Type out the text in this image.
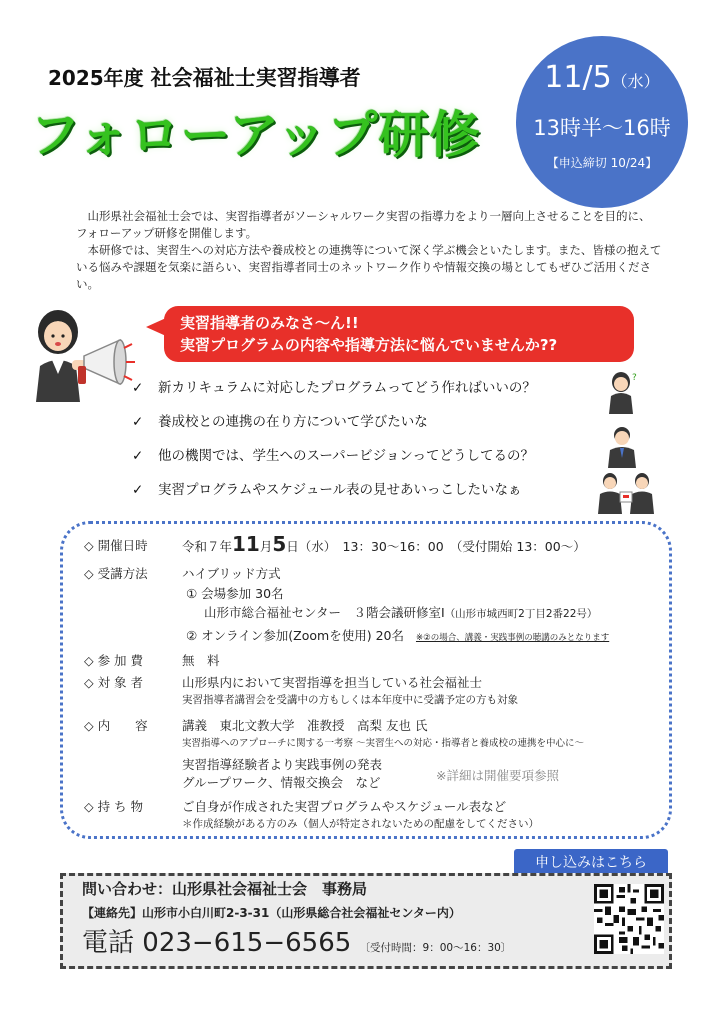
2025年度 社会福祉士実習指導者
フォローアップ研修
11/5（水）
13時半～16時
【申込締切 10/24】

山形県社会福祉士会では、実習指導者がソーシャルワーク実習の指導力をより一層向上させることを目的に、フォローアップ研修を開催します。

本研修では、実習生への対応方法や養成校との連携等について深く学ぶ機会といたします。また、皆様の抱えている悩みや課題を気楽に語らい、実習指導者同士のネットワーク作りや情報交換の場としてもぜひご活用ください。

実習指導者のみなさ～ん!!
実習プログラムの内容や指導方法に悩んでいませんか??
✓ 新カリキュラムに対応したプログラムってどう作ればいいの？
✓ 養成校との連携の在り方について学びたいな
✓ 他の機関では、学生へのスーパービジョンってどうしてるの？
✓ 実習プログラムやスケジュール表の見せあいっこしたいなぁ
?
◇ 開催日時	令和７年11月5日（水）　13：30～16：00　（受付開始 13：00～）
◇ 受講方法	ハイブリッド方式
① 会場参加 30名
山形市総合福祉センター　３階会議研修室Ⅰ（山形市城西町2丁目2番22号）
② オンライン参加(Zoomを使用) 20名 ※②の場合、講義・実践事例の聴講のみとなります
◇ 参 加 費	無　料
◇ 対 象 者	山形県内において実習指導を担当している社会福祉士
実習指導者講習会を受講中の方もしくは本年度中に受講予定の方も対象
◇ 内　　容	講義　東北文教大学　准教授　高梨 友也 氏
実習指導へのアプローチに関する一考察 ～実習生への対応・指導者と養成校の連携を中心に～
実習指導経験者より実践事例の発表
グループワーク、情報交換会　など	※詳細は開催要項参照
◇ 持 ち 物	ご自身が作成された実習プログラムやスケジュール表など
＊作成経験がある方のみ（個人が特定されないための配慮をしてください）
申し込みはこちら
問い合わせ：山形県社会福祉士会　事務局
【連絡先】山形市小白川町2-3-31（山形県総合社会福祉センター内）
電話 023−615−6565 〔受付時間：9：00～16：30〕
